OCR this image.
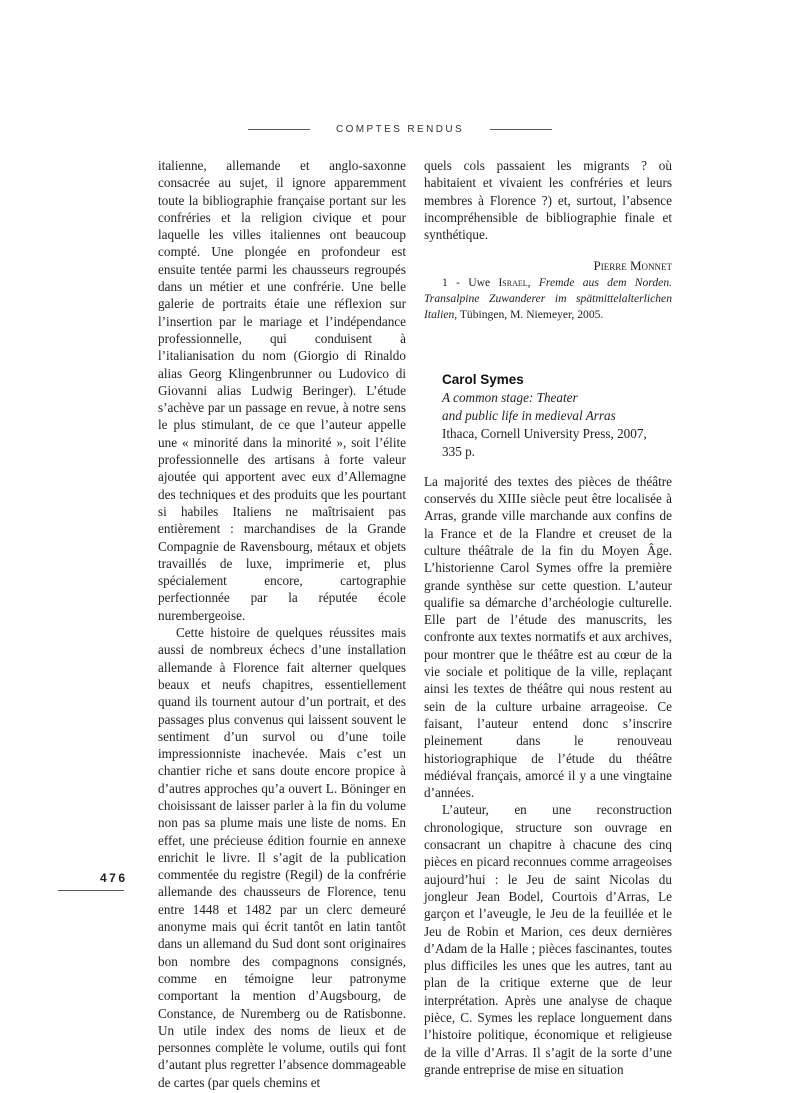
COMPTES RENDUS

italienne, allemande et anglo-saxonne consacrée au sujet, il ignore apparemment toute la bibliographie française portant sur les confréries et la religion civique et pour laquelle les villes italiennes ont beaucoup compté. Une plongée en profondeur est ensuite tentée parmi les chausseurs regroupés dans un métier et une confrérie. Une belle galerie de portraits étaie une réflexion sur l’insertion par le mariage et l’indépendance professionnelle, qui conduisent à l’italianisation du nom (Giorgio di Rinaldo alias Georg Klingenbrunner ou Ludovico di Giovanni alias Ludwig Beringer). L’étude s’achève par un passage en revue, à notre sens le plus stimulant, de ce que l’auteur appelle une « minorité dans la minorité », soit l’élite professionnelle des artisans à forte valeur ajoutée qui apportent avec eux d’Allemagne des techniques et des produits que les pourtant si habiles Italiens ne maîtrisaient pas entièrement : marchandises de la Grande Compagnie de Ravensbourg, métaux et objets travaillés de luxe, imprimerie et, plus spécialement encore, cartographie perfectionnée par la réputée école nurembergeoise.

Cette histoire de quelques réussites mais aussi de nombreux échecs d’une installation allemande à Florence fait alterner quelques beaux et neufs chapitres, essentiellement quand ils tournent autour d’un portrait, et des passages plus convenus qui laissent souvent le sentiment d’un survol ou d’une toile impressionniste inachevée. Mais c’est un chantier riche et sans doute encore propice à d’autres approches qu’a ouvert L. Böninger en choisissant de laisser parler à la fin du volume non pas sa plume mais une liste de noms. En effet, une précieuse édition fournie en annexe enrichit le livre. Il s’agit de la publication commentée du registre (Regil) de la confrérie allemande des chausseurs de Florence, tenu entre 1448 et 1482 par un clerc demeuré anonyme mais qui écrit tantôt en latin tantôt dans un allemand du Sud dont sont originaires bon nombre des compagnons consignés, comme en témoigne leur patronyme comportant la mention d’Augsbourg, de Constance, de Nuremberg ou de Ratisbonne. Un utile index des noms de lieux et de personnes complète le volume, outils qui font d’autant plus regretter l’absence dommageable de cartes (par quels chemins et

quels cols passaient les migrants ? où habitaient et vivaient les confréries et leurs membres à Florence ?) et, surtout, l’absence incompréhensible de bibliographie finale et synthétique.

Pierre Monnet

1 - Uwe Israel, Fremde aus dem Norden. Transalpine Zuwanderer im spätmittelalterlichen Italien, Tübingen, M. Niemeyer, 2005.

Carol Symes
A common stage: Theater
and public life in medieval Arras
Ithaca, Cornell University Press, 2007,
335 p.

La majorité des textes des pièces de théâtre conservés du XIIIe siècle peut être localisée à Arras, grande ville marchande aux confins de la France et de la Flandre et creuset de la culture théâtrale de la fin du Moyen Âge. L’historienne Carol Symes offre la première grande synthèse sur cette question. L’auteur qualifie sa démarche d’archéologie culturelle. Elle part de l’étude des manuscrits, les confronte aux textes normatifs et aux archives, pour montrer que le théâtre est au cœur de la vie sociale et politique de la ville, replaçant ainsi les textes de théâtre qui nous restent au sein de la culture urbaine arrageoise. Ce faisant, l’auteur entend donc s’inscrire pleinement dans le renouveau historiographique de l’étude du théâtre médiéval français, amorcé il y a une vingtaine d’années.

L’auteur, en une reconstruction chronologique, structure son ouvrage en consacrant un chapitre à chacune des cinq pièces en picard reconnues comme arrageoises aujourd’hui : le Jeu de saint Nicolas du jongleur Jean Bodel, Courtois d’Arras, Le garçon et l’aveugle, le Jeu de la feuillée et le Jeu de Robin et Marion, ces deux dernières d’Adam de la Halle ; pièces fascinantes, toutes plus difficiles les unes que les autres, tant au plan de la critique externe que de leur interprétation. Après une analyse de chaque pièce, C. Symes les replace longuement dans l’histoire politique, économique et religieuse de la ville d’Arras. Il s’agit de la sorte d’une grande entreprise de mise en situation

476
